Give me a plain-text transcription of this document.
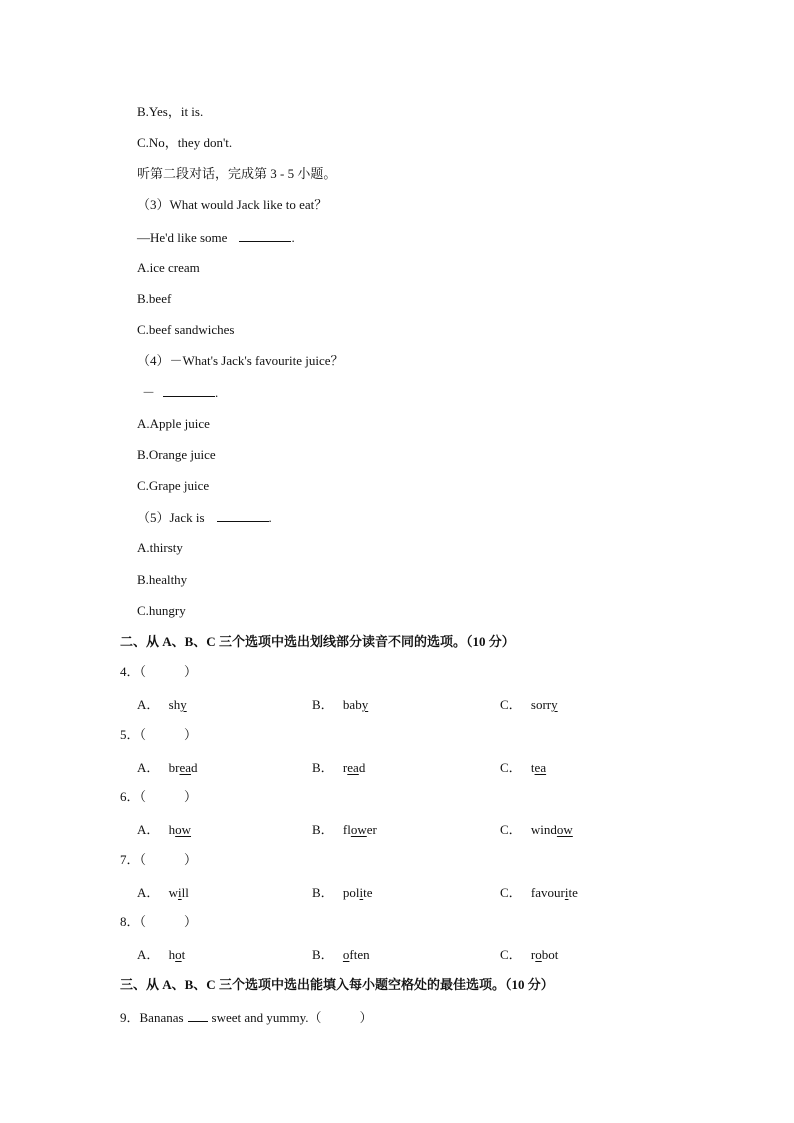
B.Yes，it is.
C.No，they don't.
听第二段对话，完成第 3 - 5 小题。
（3）What would Jack like to eat？
—He'd like some	.
A.ice cream
B.beef
C.beef sandwiches
（4）－What's Jack's favourite juice？
－	.
A.Apple juice
B.Orange juice
C.Grape juice
（5）Jack is	.
A.thirsty
B.healthy
C.hungry
二、从 A、B、C 三个选项中选出划线部分读音不同的选项。（10 分）
4．（	）
A． shy	B． baby	C． sorry
5．（	）
A． bread	B． read	C． tea
6．（	）
A． how	B． flower	C． window
7．（	）
A． will	B． polite	C． favourite
8．（	）
A． hot	B． often	C． robot
三、从 A、B、C 三个选项中选出能填入每小题空格处的最佳选项。（10 分）
9．Bananas sweet and yummy.（	）
